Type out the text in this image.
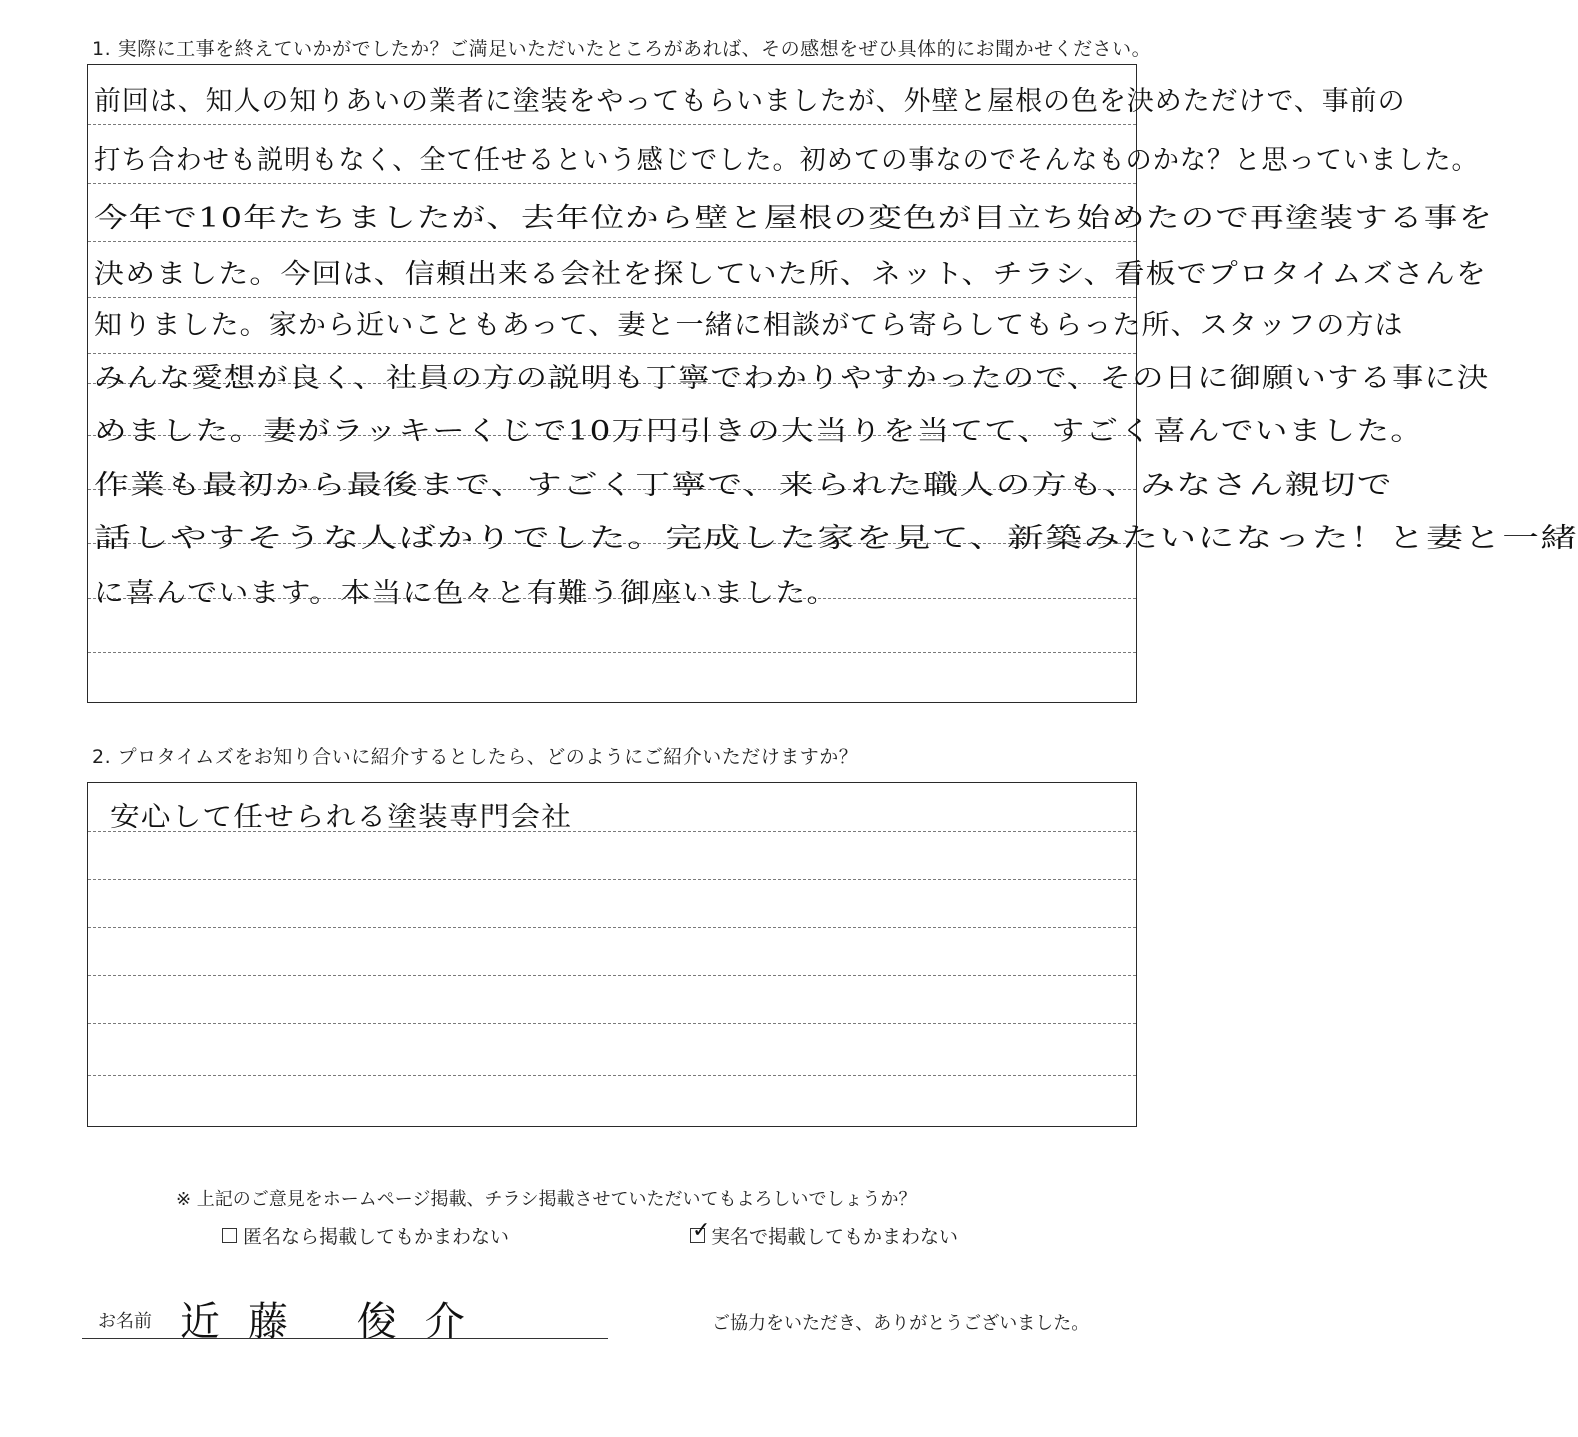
1. 実際に工事を終えていかがでしたか？ご満足いただいたところがあれば、その感想をぜひ具体的にお聞かせください。
前回は、知人の知りあいの業者に塗装をやってもらいましたが、外壁と屋根の色を決めただけで、事前の
打ち合わせも説明もなく、全て任せるという感じでした。初めての事なのでそんなものかな？と思っていました。
今年で10年たちましたが、去年位から壁と屋根の変色が目立ち始めたので再塗装する事を
決めました。今回は、信頼出来る会社を探していた所、ネット、チラシ、看板でプロタイムズさんを
知りました。家から近いこともあって、妻と一緒に相談がてら寄らしてもらった所、スタッフの方は
みんな愛想が良く、社員の方の説明も丁寧でわかりやすかったので、その日に御願いする事に決
めました。妻がラッキーくじで10万円引きの大当りを当てて、すごく喜んでいました。
作業も最初から最後まで、すごく丁寧で、来られた職人の方も、みなさん親切で
話しやすそうな人ばかりでした。完成した家を見て、新築みたいになった！と妻と一緒
に喜んでいます。本当に色々と有難う御座いました。
2. プロタイムズをお知り合いに紹介するとしたら、どのようにご紹介いただけますか？
安心して任せられる塗装専門会社
※ 上記のご意見をホームページ掲載、チラシ掲載させていただいてもよろしいでしょうか？
匿名なら掲載してもかまわない	✓ 実名で掲載してもかまわない
お名前 近藤 俊介	ご協力をいただき、ありがとうございました。
